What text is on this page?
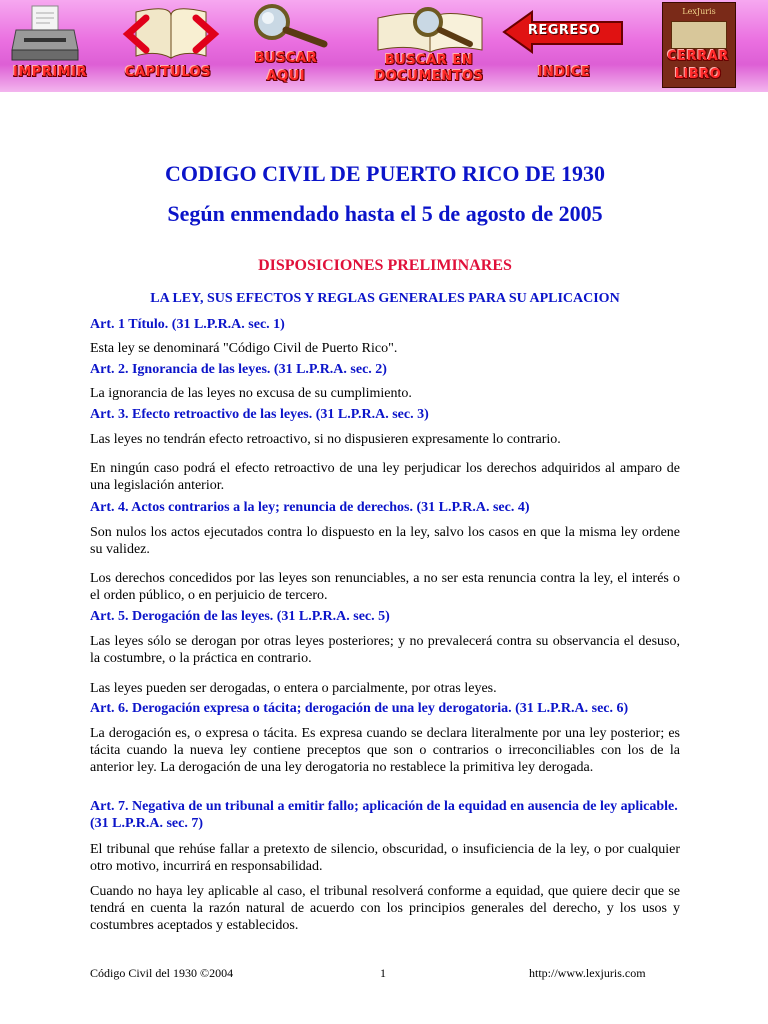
IMPRIMIR	CAPITULOS
BUSCAR
AQUI
BUSCAR EN
DOCUMENTOS
REGRESO
INDICE
LexJuris
CERRAR
LIBRO
CODIGO CIVIL DE PUERTO RICO DE 1930
Según enmendado hasta el 5 de agosto de 2005
DISPOSICIONES PRELIMINARES
LA LEY, SUS EFECTOS Y REGLAS GENERALES PARA SU APLICACION
Art. 1 Título. (31 L.P.R.A. sec. 1)
Esta ley se denominará "Código Civil de Puerto Rico".
Art. 2. Ignorancia de las leyes. (31 L.P.R.A. sec. 2)
La ignorancia de las leyes no excusa de su cumplimiento.
Art. 3. Efecto retroactivo de las leyes. (31 L.P.R.A. sec. 3)
Las leyes no tendrán efecto retroactivo, si no dispusieren expresamente lo contrario.
En ningún caso podrá el efecto retroactivo de una ley perjudicar los derechos adquiridos al amparo de una legislación anterior.
Art. 4. Actos contrarios a la ley; renuncia de derechos. (31 L.P.R.A. sec. 4)
Son nulos los actos ejecutados contra lo dispuesto en la ley, salvo los casos en que la misma ley ordene su validez.
Los derechos concedidos por las leyes son renunciables, a no ser esta renuncia contra la ley, el interés o el orden público, o en perjuicio de tercero.
Art. 5. Derogación de las leyes. (31 L.P.R.A. sec. 5)
Las leyes sólo se derogan por otras leyes posteriores; y no prevalecerá contra su observancia el desuso, la costumbre, o la práctica en contrario.
Las leyes pueden ser derogadas, o entera o parcialmente, por otras leyes.
Art. 6. Derogación expresa o tácita; derogación de una ley derogatoria. (31 L.P.R.A. sec. 6)
La derogación es, o expresa o tácita. Es expresa cuando se declara literalmente por una ley posterior; es tácita cuando la nueva ley contiene preceptos que son o contrarios o irreconciliables con los de la anterior ley. La derogación de una ley derogatoria no restablece la primitiva ley derogada.
Art. 7. Negativa de un tribunal a emitir fallo; aplicación de la equidad en ausencia de ley aplicable. (31 L.P.R.A. sec. 7)
El tribunal que rehúse fallar a pretexto de silencio, obscuridad, o insuficiencia de la ley, o por cualquier otro motivo, incurrirá en responsabilidad.
Cuando no haya ley aplicable al caso, el tribunal resolverá conforme a equidad, que quiere decir que se tendrá en cuenta la razón natural de acuerdo con los principios generales del derecho, y los usos y costumbres aceptados y establecidos.
Código Civil del 1930 ©2004	1	http://www.lexjuris.com
